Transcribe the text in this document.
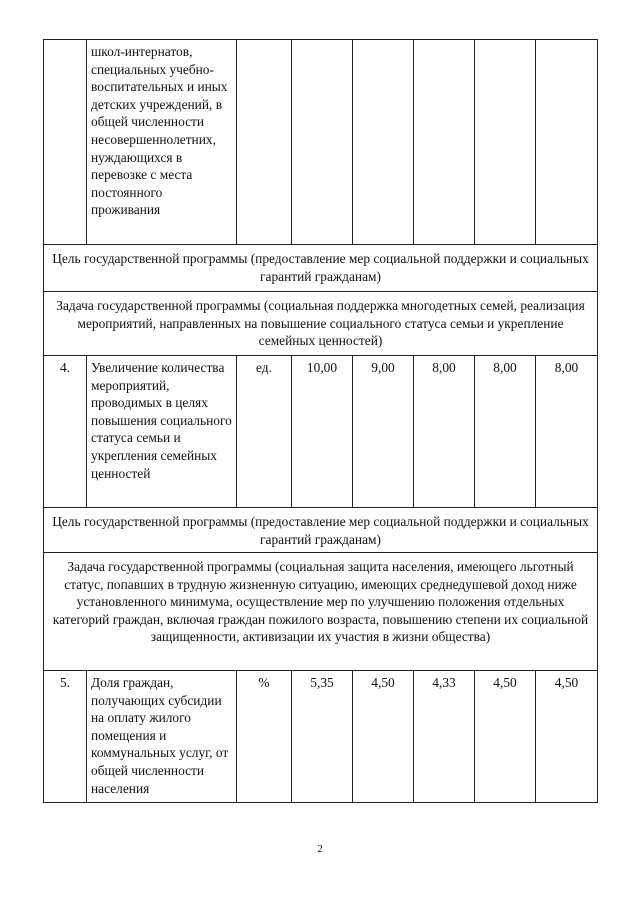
	школ-интернатов, специальных учебно-воспитательных и иных детских учреждений, в общей численности несовершеннолетних, нуждающихся в перевозке с места постоянного проживания						
Цель государственной программы (предоставление мер социальной поддержки и социальных гарантий гражданам)							
Задача государственной программы (социальная поддержка многодетных семей, реализация мероприятий, направленных на повышение социального статуса семьи и укрепление семейных ценностей)							
4.	Увеличение количества мероприятий, проводимых в целях повышения социального статуса семьи и укрепления семейных ценностей	ед.	10,00	9,00	8,00	8,00	8,00
Цель государственной программы (предоставление мер социальной поддержки и социальных гарантий гражданам)							
Задача государственной программы (социальная защита населения, имеющего льготный статус, попавших в трудную жизненную ситуацию, имеющих среднедушевой доход ниже установленного минимума, осуществление мер по улучшению положения отдельных категорий граждан, включая граждан пожилого возраста, повышению степени их социальной защищенности, активизации их участия в жизни общества)							
5.	Доля граждан, получающих субсидии на оплату жилого помещения и коммунальных услуг, от общей численности населения	%	5,35	4,50	4,33	4,50	4,50
2
